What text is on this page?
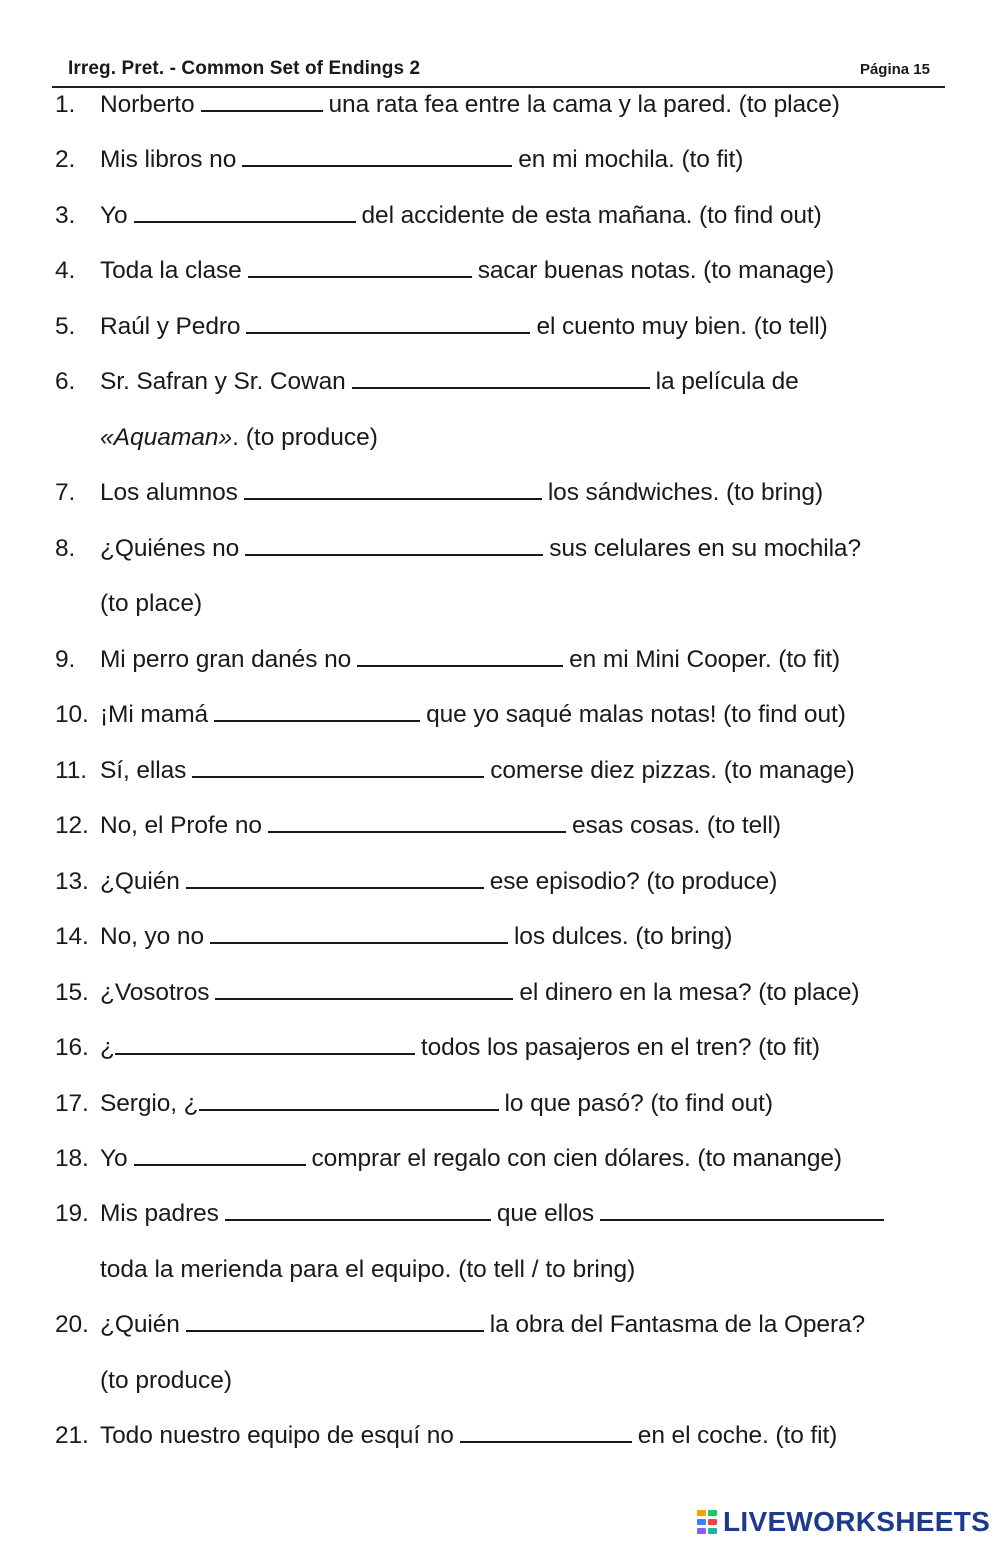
Irreg. Pret. - Common Set of Endings 2	Página 15
1. Norberto	una rata fea entre la cama y la pared. (to place)
2. Mis libros no	en mi mochila. (to fit)
3. Yo	del accidente de esta mañana. (to find out)
4. Toda la clase	sacar buenas notas. (to manage)
5. Raúl y Pedro	el cuento muy bien. (to tell)
6. Sr. Safran y Sr. Cowan	la película de
«Aquaman». (to produce)
7. Los alumnos	los sándwiches. (to bring)
8. ¿Quiénes no	sus celulares en su mochila?
(to place)
9. Mi perro gran danés no	en mi Mini Cooper. (to fit)
10. ¡Mi mamá	que yo saqué malas notas! (to find out)
11. Sí, ellas	comerse diez pizzas. (to manage)
12. No, el Profe no	esas cosas. (to tell)
13. ¿Quién	ese episodio? (to produce)
14. No, yo no	los dulces. (to bring)
15. ¿Vosotros	el dinero en la mesa? (to place)
16. ¿	todos los pasajeros en el tren? (to fit)
17. Sergio, ¿	lo que pasó? (to find out)
18. Yo	comprar el regalo con cien dólares. (to manange)
19. Mis padres	que ellos
toda la merienda para el equipo. (to tell / to bring)
20. ¿Quién	la obra del Fantasma de la Opera?
(to produce)
21. Todo nuestro equipo de esquí no	en el coche. (to fit)
LIVEWORKSHEETS
